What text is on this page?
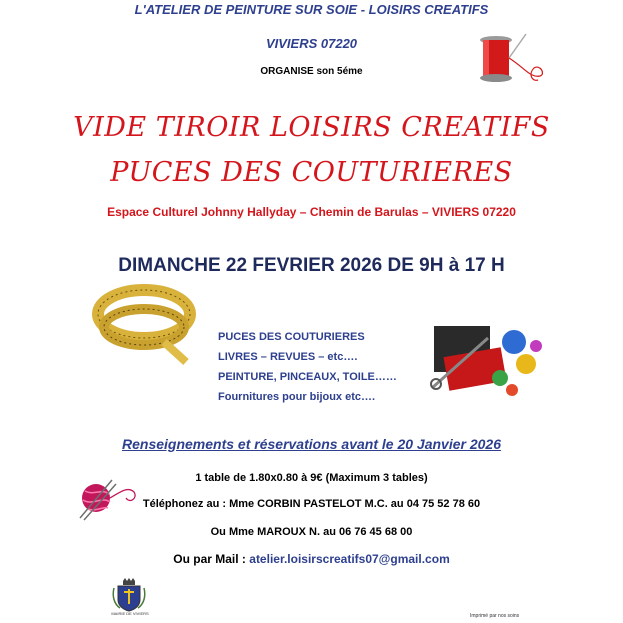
L'ATELIER DE PEINTURE SUR SOIE - LOISIRS CREATIFS
VIVIERS 07220
ORGANISE son 5éme
VIDE TIROIR LOISIRS CREATIFS
PUCES DES COUTURIERES
Espace Culturel Johnny Hallyday – Chemin de Barulas – VIVIERS 07220
DIMANCHE 22 FEVRIER 2026 DE 9H à 17 H
PUCES DES COUTURIERES
LIVRES – REVUES – etc….
PEINTURE, PINCEAUX, TOILE……
Fournitures pour bijoux etc….
Renseignements et réservations avant le 20 Janvier 2026
1 table de 1.80x0.80 à 9€ (Maximum 3 tables)
Téléphonez au : Mme CORBIN PASTELOT M.C. au 04 75 52 78 60
Ou Mme MAROUX N. au 06 76 45 68 00
Ou par Mail : atelier.loisirscreatifs07@gmail.com
MAIRIE DE VIVIERS	Imprimé par nos soins
